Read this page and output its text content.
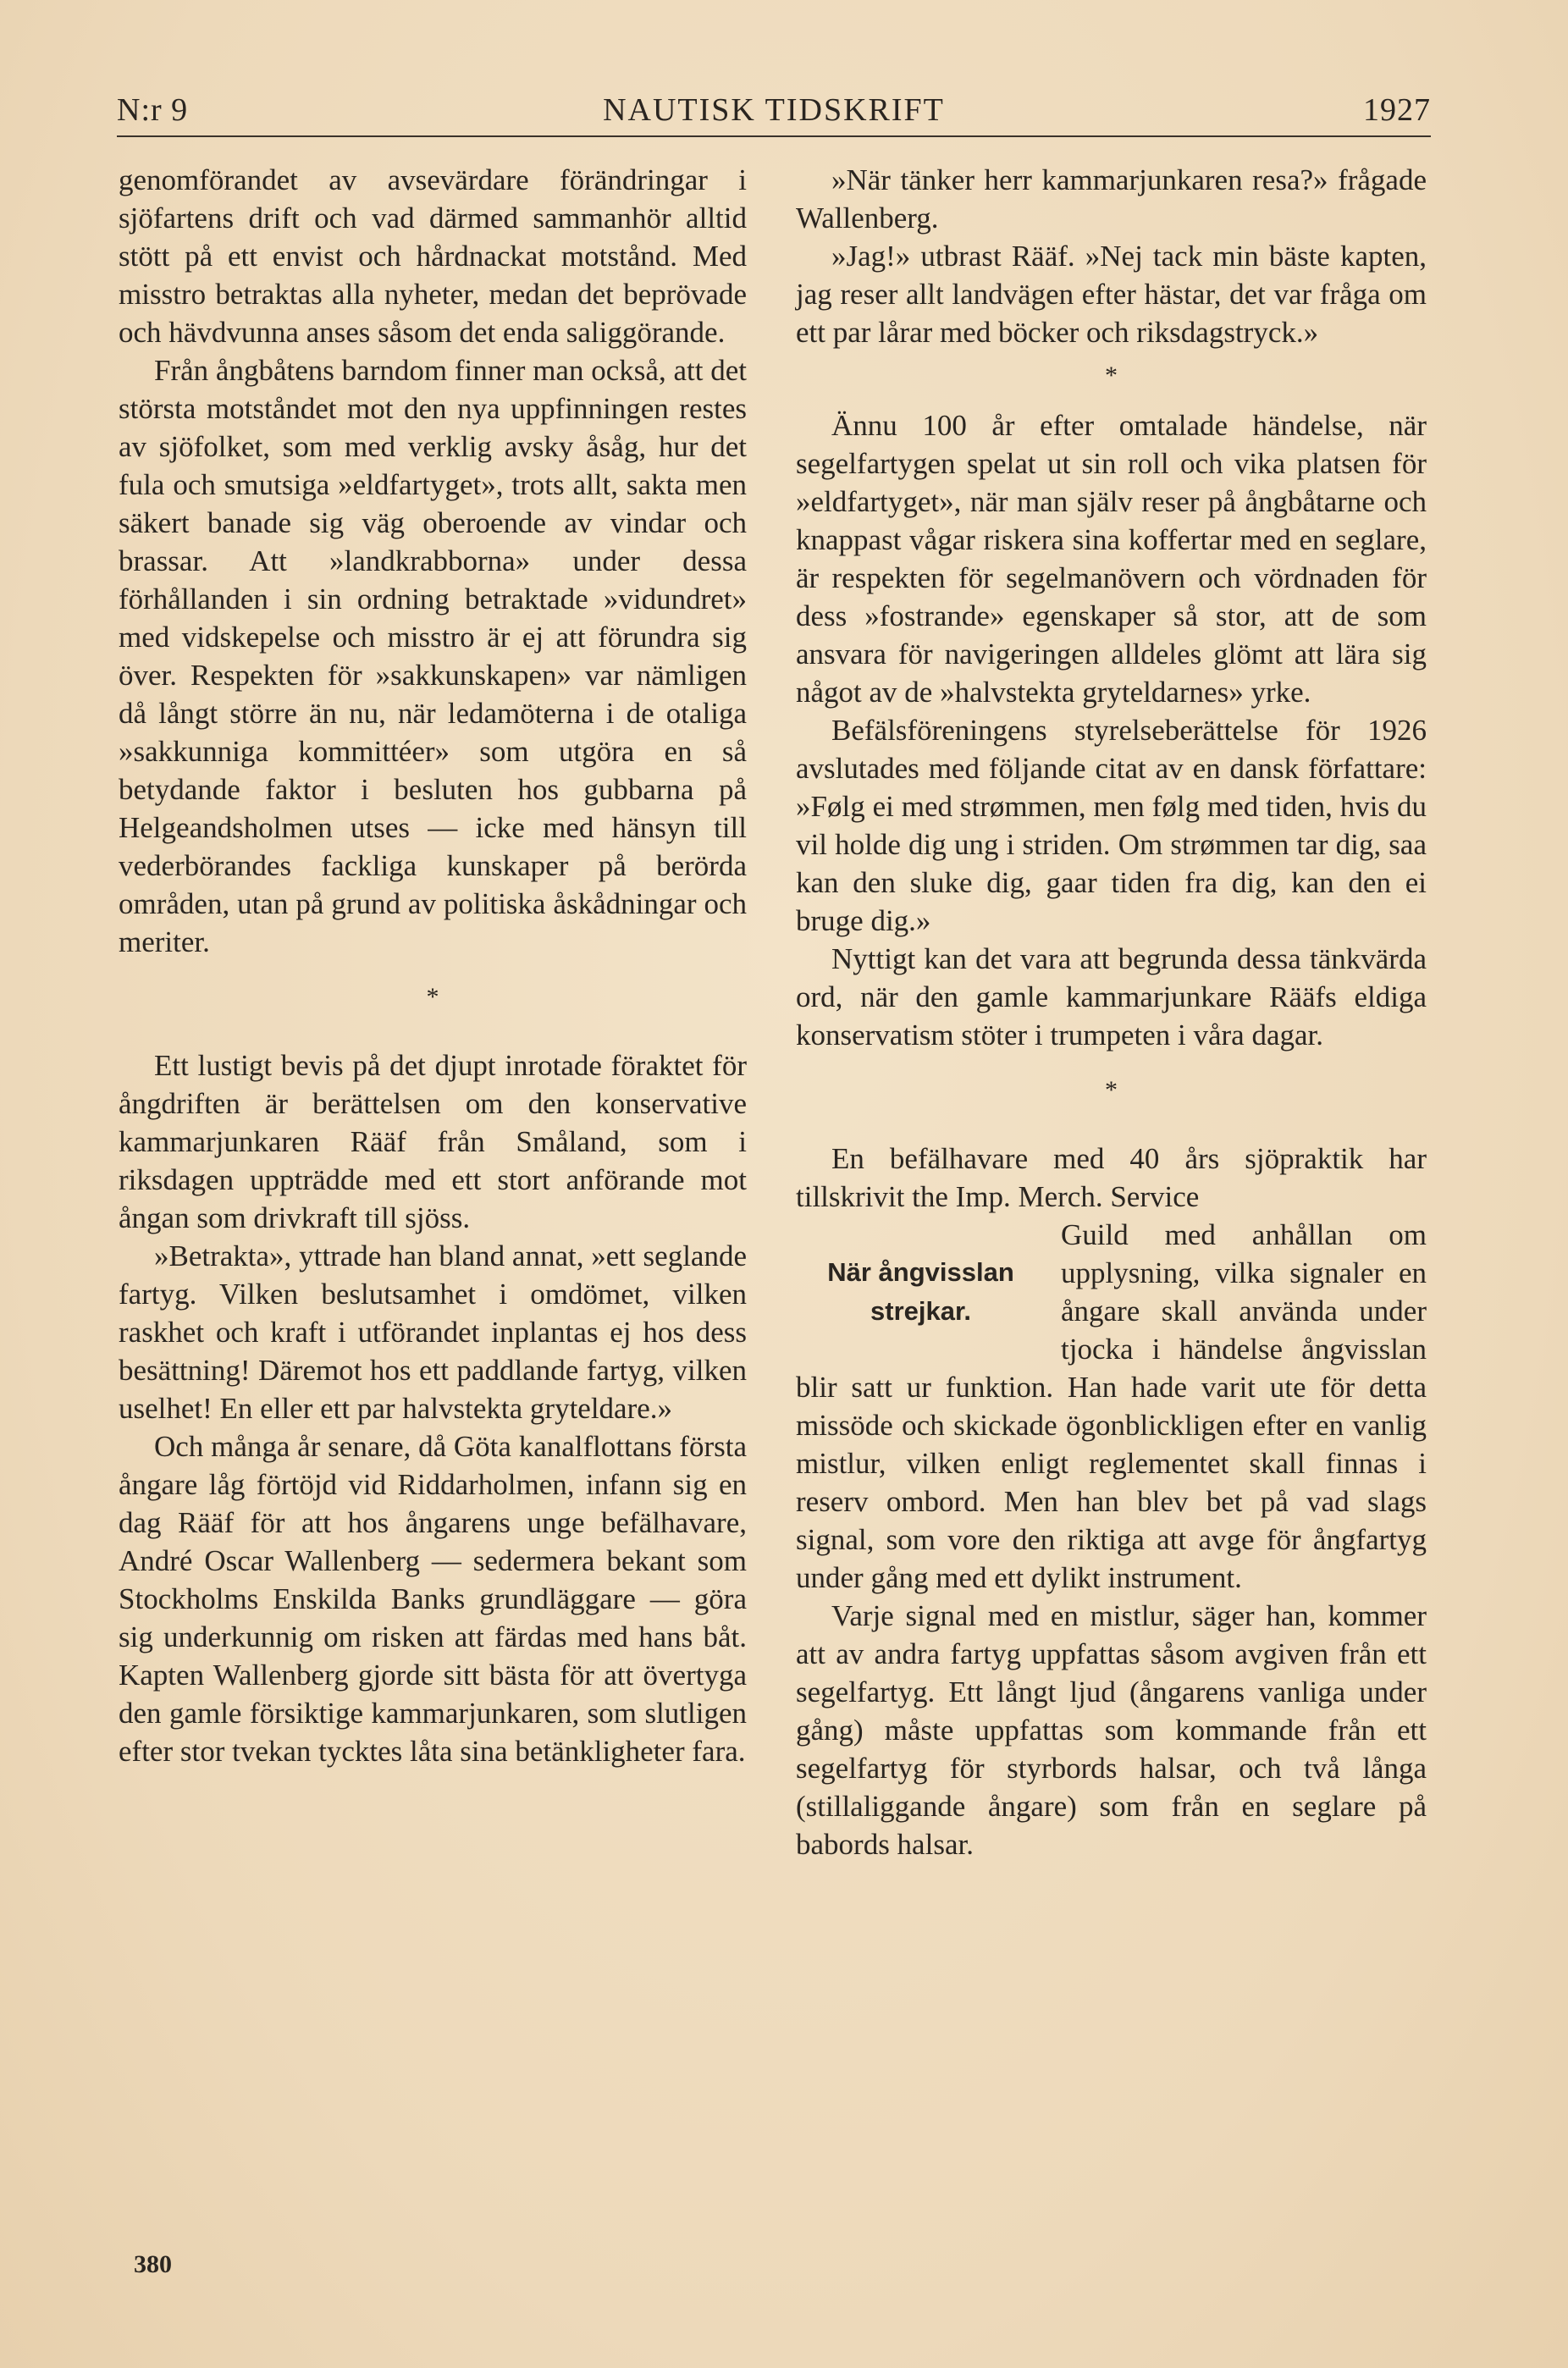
NAUTISK TIDSKRIFT
N:r 9	1927

genomförandet av avsevärdare förändringar i sjöfartens drift och vad därmed sammanhör alltid stött på ett envist och hårdnackat motstånd. Med misstro betraktas alla nyheter, medan det beprövade och hävdvunna anses såsom det enda saliggörande.

Från ångbåtens barndom finner man också, att det största motståndet mot den nya uppfinningen restes av sjöfolket, som med verklig avsky åsåg, hur det fula och smutsiga »eldfartyget», trots allt, sakta men säkert banade sig väg oberoende av vindar och brassar. Att »landkrabborna» under dessa förhållanden i sin ordning betraktade »vidundret» med vidskepelse och misstro är ej att förundra sig över. Respekten för »sakkunskapen» var nämligen då långt större än nu, när ledamöterna i de otaliga »sakkunniga kommittéer» som utgöra en så betydande faktor i besluten hos gubbarna på Helgeandsholmen utses — icke med hänsyn till vederbörandes fackliga kunskaper på berörda områden, utan på grund av politiska åskådningar och meriter.

*

Ett lustigt bevis på det djupt inrotade föraktet för ångdriften är berättelsen om den konservative kammarjunkaren Rääf från Småland, som i riksdagen uppträdde med ett stort anförande mot ångan som drivkraft till sjöss.

»Betrakta», yttrade han bland annat, »ett seglande fartyg. Vilken beslutsamhet i omdömet, vilken raskhet och kraft i utförandet inplantas ej hos dess besättning! Däremot hos ett paddlande fartyg, vilken uselhet! En eller ett par halvstekta gryteldare.»

Och många år senare, då Göta kanalflottans första ångare låg förtöjd vid Riddarholmen, infann sig en dag Rääf för att hos ångarens unge befälhavare, André Oscar Wallenberg — sedermera bekant som Stockholms Enskilda Banks grundläggare — göra sig underkunnig om risken att färdas med hans båt. Kapten Wallenberg gjorde sitt bästa för att övertyga den gamle försiktige kammarjunkaren, som slutligen efter stor tvekan tycktes låta sina betänkligheter fara.

»När tänker herr kammarjunkaren resa?» frågade Wallenberg.

»Jag!» utbrast Rääf. »Nej tack min bäste kapten, jag reser allt landvägen efter hästar, det var fråga om ett par lårar med böcker och riksdagstryck.»

*

Ännu 100 år efter omtalade händelse, när segelfartygen spelat ut sin roll och vika platsen för »eldfartyget», när man själv reser på ångbåtarne och knappast vågar riskera sina koffertar med en seglare, är respekten för segelmanövern och vördnaden för dess »fostrande» egenskaper så stor, att de som ansvara för navigeringen alldeles glömt att lära sig något av de »halvstekta gryteldarnes» yrke.

Befälsföreningens styrelseberättelse för 1926 avslutades med följande citat av en dansk författare: »Følg ei med strømmen, men følg med tiden, hvis du vil holde dig ung i striden. Om strømmen tar dig, saa kan den sluke dig, gaar tiden fra dig, kan den ei bruge dig.»

Nyttigt kan det vara att begrunda dessa tänkvärda ord, när den gamle kammarjunkare Rääfs eldiga konservatism stöter i trumpeten i våra dagar.

*

En befälhavare med 40 års sjöpraktik har tillskrivit the Imp. Merch. Service

När ångvisslan
strejkar.

Guild med anhållan om upplysning, vilka signaler en ångare skall använda under tjocka i händelse ångvisslan blir satt ur funktion. Han hade varit ute för detta missöde och skickade ögonblickligen efter en vanlig mistlur, vilken enligt reglementet skall finnas i reserv ombord. Men han blev bet på vad slags signal, som vore den riktiga att avge för ångfartyg under gång med ett dylikt instrument.

Varje signal med en mistlur, säger han, kommer att av andra fartyg uppfattas såsom avgiven från ett segelfartyg. Ett långt ljud (ångarens vanliga under gång) måste uppfattas som kommande från ett segelfartyg för styrbords halsar, och två långa (stillaliggande ångare) som från en seglare på babords halsar.

380
